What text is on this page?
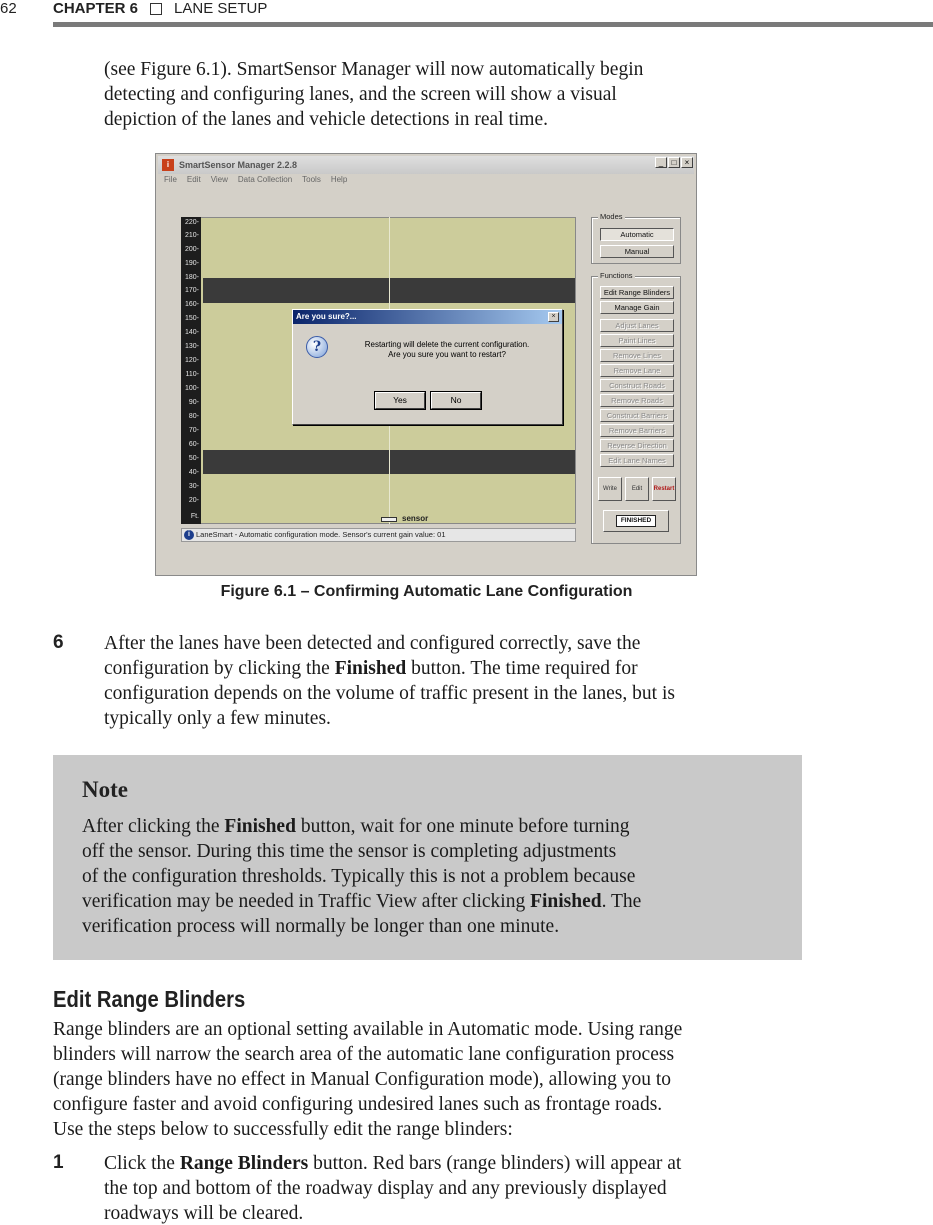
62 CHAPTER 6 LANE SETUP
(see Figure 6.1). SmartSensor Manager will now automatically begin
detecting and configuring lanes, and the screen will show a visual
depiction of the lanes and vehicle detections in real time.
i	SmartSensor Manager 2.2.8	_	□	×
File Edit View Data Collection Tools Help
220-
210-
200-
190-
180-
170-
160-
150-
140-
130-
120-
110-
100-
90-
80-
70-
60-
50-
40-
30-
20-
Ft.	sensor
i LaneSmart - Automatic configuration mode. Sensor's current gain value: 01
Modes
Automatic
Manual
Functions
Edit Range Blinders
Manage Gain
Adjust Lanes
Paint Lines
Remove Lines
Remove Lane
Construct Roads
Remove Roads
Construct Barriers
Remove Barriers
Reverse Direction
Edit Lane Names
Write	Edit	Restart
FINISHED
Are you sure?...	×
?	Restarting will delete the current configuration.
Are you sure you want to restart?
Yes	No
Figure 6.1 – Confirming Automatic Lane Configuration
6 After the lanes have been detected and configured correctly, save the
configuration by clicking the Finished button. The time required for
configuration depends on the volume of traffic present in the lanes, but is
typically only a few minutes.
Note
After clicking the Finished button, wait for one minute before turning
off the sensor. During this time the sensor is completing adjustments
of the configuration thresholds. Typically this is not a problem because
verification may be needed in Traffic View after clicking Finished. The
verification process will normally be longer than one minute.
Edit Range Blinders
Range blinders are an optional setting available in Automatic mode. Using range
blinders will narrow the search area of the automatic lane configuration process
(range blinders have no effect in Manual Configuration mode), allowing you to
configure faster and avoid configuring undesired lanes such as frontage roads.
Use the steps below to successfully edit the range blinders:
1 Click the Range Blinders button. Red bars (range blinders) will appear at
the top and bottom of the roadway display and any previously displayed
roadways will be cleared.
